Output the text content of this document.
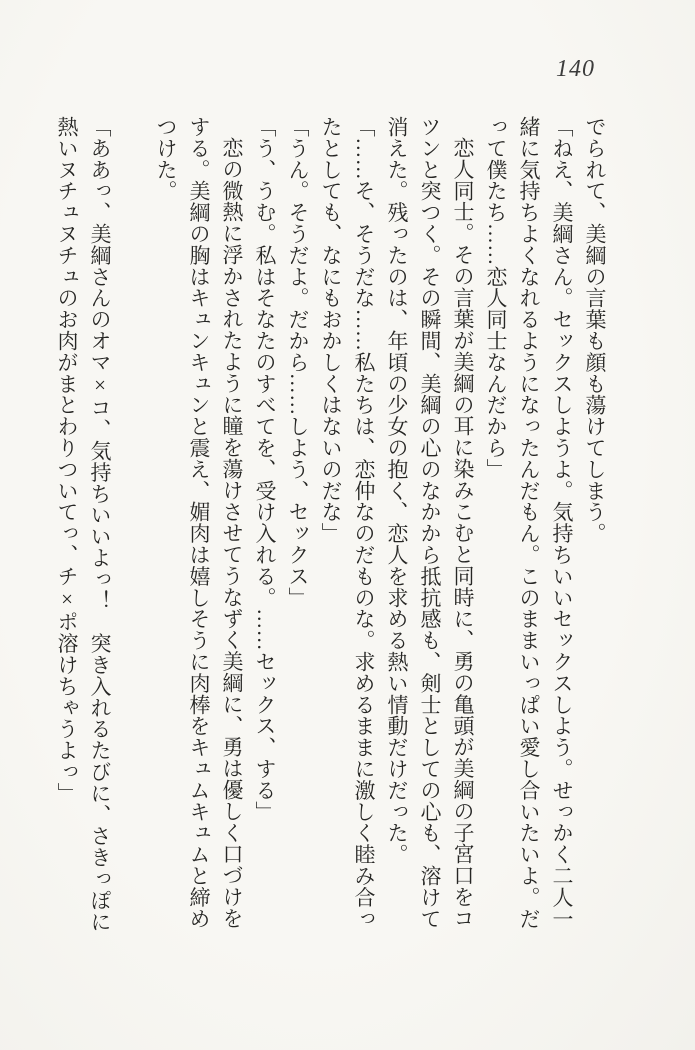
140
でられて、美綱の言葉も顔も蕩けてしまう。
「ねえ、美綱さん。セックスしようよ。気持ちいいセックスしよう。せっかく二人一
緒に気持ちよくなれるようになったんだもん。このままいっぱい愛し合いたいよ。だ
って僕たち……恋人同士なんだから」
恋人同士。その言葉が美綱の耳に染みこむと同時に、勇の亀頭が美綱の子宮口をコ
ツンと突つく。その瞬間、美綱の心のなかから抵抗感も、剣士としての心も、溶けて
消えた。残ったのは、年頃の少女の抱く、恋人を求める熱い情動だけだった。
「……そ、そうだな……私たちは、恋仲なのだものな。求めるままに激しく睦み合っ
たとしても、なにもおかしくはないのだな」
「うん。そうだよ。だから……しよう、セックス」
「う、うむ。私はそなたのすべてを、受け入れる。……セックス、する」
恋の微熱に浮かされたように瞳を蕩けさせてうなずく美綱に、勇は優しく口づけを
する。美綱の胸はキュンキュンと震え、媚肉は嬉しそうに肉棒をキュムキュムと締め
つけた。

「ああっ、美綱さんのオマ×コ、気持ちいいよっ！　突き入れるたびに、さきっぽに
熱いヌチュヌチュのお肉がまとわりついてっ、チ×ポ溶けちゃうよっ」
